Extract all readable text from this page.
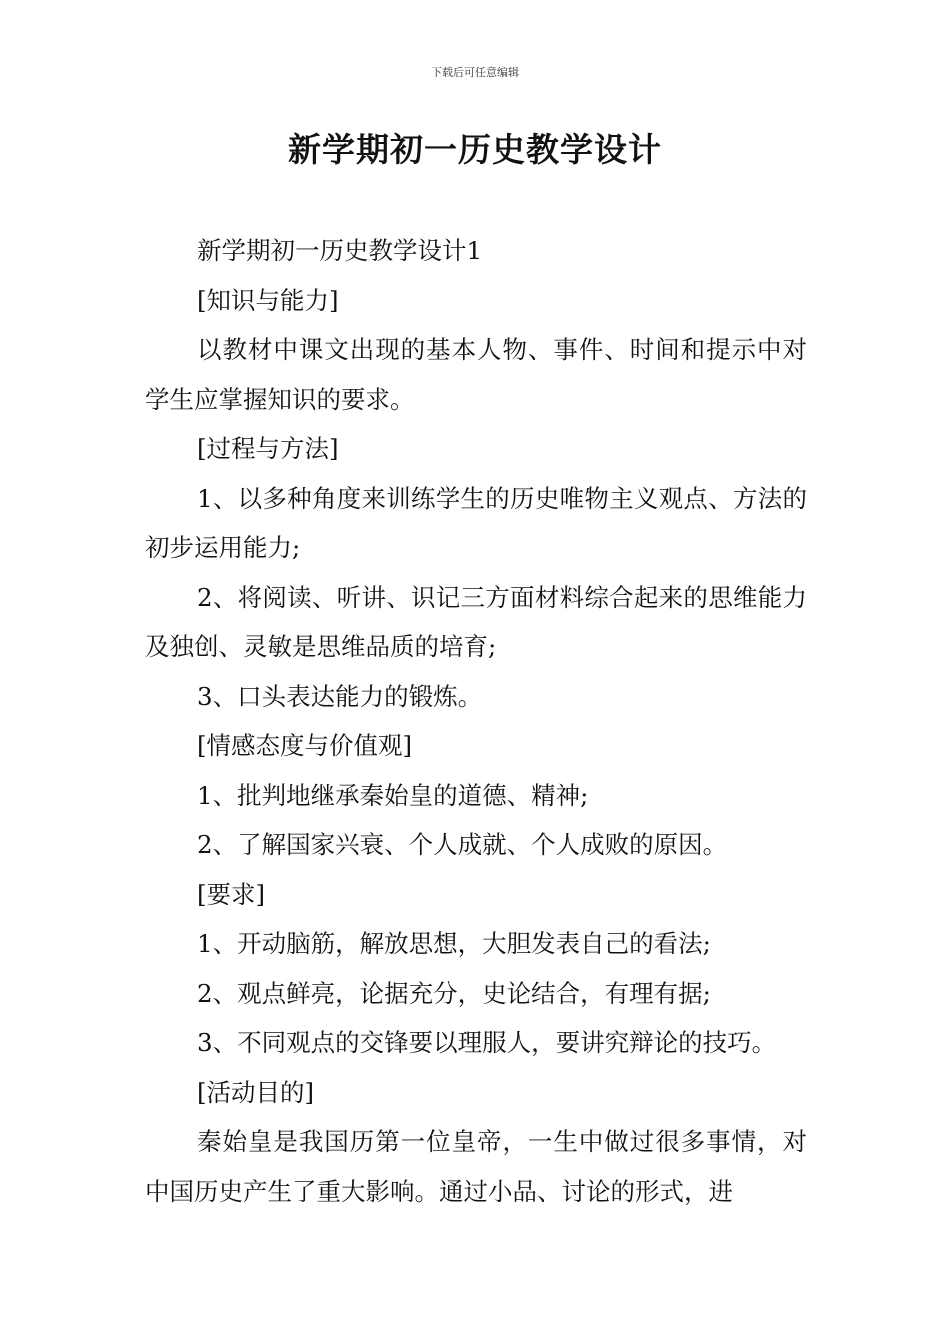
下载后可任意编辑
新学期初一历史教学设计

新学期初一历史教学设计1

[知识与能力]

以教材中课文出现的基本人物、事件、时间和提示中对学生应掌握知识的要求。

[过程与方法]

1、以多种角度来训练学生的历史唯物主义观点、方法的初步运用能力;

2、将阅读、听讲、识记三方面材料综合起来的思维能力及独创、灵敏是思维品质的培育;

3、口头表达能力的锻炼。

[情感态度与价值观]

1、批判地继承秦始皇的道德、精神;

2、了解国家兴衰、个人成就、个人成败的原因。

[要求]

1、开动脑筋，解放思想，大胆发表自己的看法;

2、观点鲜亮，论据充分，史论结合，有理有据;

3、不同观点的交锋要以理服人，要讲究辩论的技巧。

[活动目的]

秦始皇是我国历第一位皇帝，一生中做过很多事情，对中国历史产生了重大影响。通过小品、讨论的形式，进
